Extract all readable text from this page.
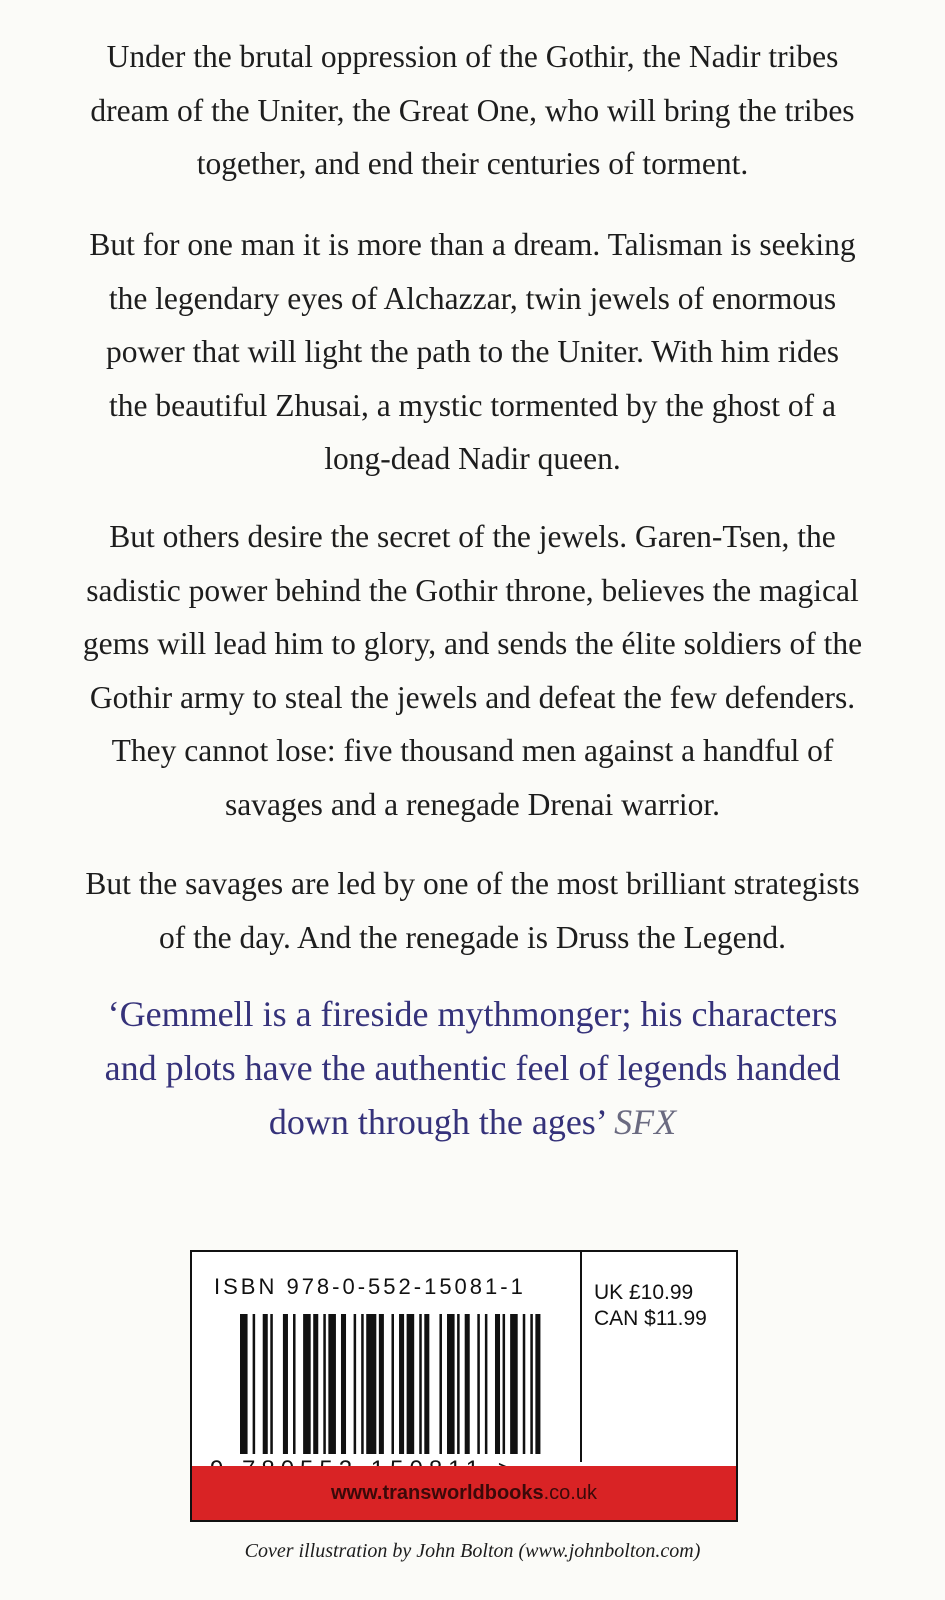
Under the brutal oppression of the Gothir, the Nadir tribes
dream of the Uniter, the Great One, who will bring the tribes
together, and end their centuries of torment.

But for one man it is more than a dream. Talisman is seeking
the legendary eyes of Alchazzar, twin jewels of enormous
power that will light the path to the Uniter. With him rides
the beautiful Zhusai, a mystic tormented by the ghost of a
long-dead Nadir queen.

But others desire the secret of the jewels. Garen-Tsen, the
sadistic power behind the Gothir throne, believes the magical
gems will lead him to glory, and sends the élite soldiers of the
Gothir army to steal the jewels and defeat the few defenders.
They cannot lose: five thousand men against a handful of
savages and a renegade Drenai warrior.

But the savages are led by one of the most brilliant strategists
of the day. And the renegade is Druss the Legend.

‘Gemmell is a fireside mythmonger; his characters
and plots have the authentic feel of legends handed
down through the ages’ SFX

ISBN 978-0-552-15081-1	UK £10.99
CAN $11.99
www.transworldbooks .co.uk
Cover illustration by John Bolton (www.johnbolton.com)
